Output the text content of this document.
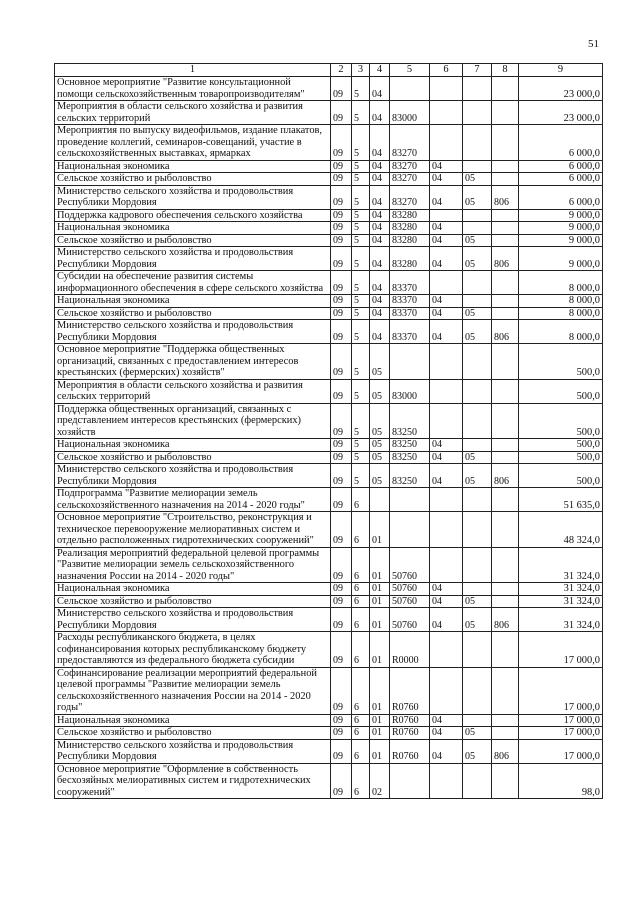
51
1	2	3	4	5	6	7	8	9
Основное мероприятие "Развитие консультационной помощи сельскохозяйственным товаропроизводителям"	09	5	04					23 000,0
Мероприятия в области сельского хозяйства и развития сельских территорий	09	5	04	83000				23 000,0
Мероприятия по выпуску видеофильмов, издание плакатов, проведение коллегий, семинаров-совещаний, участие в сельскохозяйственных выставках, ярмарках	09	5	04	83270				6 000,0
Национальная экономика	09	5	04	83270	04			6 000,0
Сельское хозяйство и рыболовство	09	5	04	83270	04	05		6 000,0
Министерство сельского хозяйства и продовольствия Республики Мордовия	09	5	04	83270	04	05	806	6 000,0
Поддержка кадрового обеспечения сельского хозяйства	09	5	04	83280				9 000,0
Национальная экономика	09	5	04	83280	04			9 000,0
Сельское хозяйство и рыболовство	09	5	04	83280	04	05		9 000,0
Министерство сельского хозяйства и продовольствия Республики Мордовия	09	5	04	83280	04	05	806	9 000,0
Субсидии на обеспечение развития системы информационного обеспечения в сфере сельского хозяйства	09	5	04	83370				8 000,0
Национальная экономика	09	5	04	83370	04			8 000,0
Сельское хозяйство и рыболовство	09	5	04	83370	04	05		8 000,0
Министерство сельского хозяйства и продовольствия Республики Мордовия	09	5	04	83370	04	05	806	8 000,0
Основное мероприятие "Поддержка общественных организаций, связанных с предоставлением интересов крестьянских (фермерских) хозяйств"	09	5	05					500,0
Мероприятия в области сельского хозяйства и развития сельских территорий	09	5	05	83000				500,0
Поддержка общественных организаций, связанных с представлением интересов крестьянских (фермерских) хозяйств	09	5	05	83250				500,0
Национальная экономика	09	5	05	83250	04			500,0
Сельское хозяйство и рыболовство	09	5	05	83250	04	05		500,0
Министерство сельского хозяйства и продовольствия Республики Мордовия	09	5	05	83250	04	05	806	500,0
Подпрограмма "Развитие мелиорации земель сельскохозяйственного назначения на 2014 - 2020 годы"	09	6						51 635,0
Основное мероприятие "Строительство, реконструкция и техническое перевооружение мелиоративных систем и отдельно расположенных гидротехнических сооружений"	09	6	01					48 324,0
Реализация мероприятий федеральной целевой программы "Развитие мелиорации земель сельскохозяйственного назначения России на 2014 - 2020 годы"	09	6	01	50760				31 324,0
Национальная экономика	09	6	01	50760	04			31 324,0
Сельское хозяйство и рыболовство	09	6	01	50760	04	05		31 324,0
Министерство сельского хозяйства и продовольствия Республики Мордовия	09	6	01	50760	04	05	806	31 324,0
Расходы республиканского бюджета, в целях софинансирования которых республиканскому бюджету предоставляются из федерального бюджета субсидии	09	6	01	R0000				17 000,0
Софинансирование реализации мероприятий федеральной целевой программы "Развитие мелиорации земель сельскохозяйственного назначения России на 2014 - 2020 годы"	09	6	01	R0760				17 000,0
Национальная экономика	09	6	01	R0760	04			17 000,0
Сельское хозяйство и рыболовство	09	6	01	R0760	04	05		17 000,0
Министерство сельского хозяйства и продовольствия Республики Мордовия	09	6	01	R0760	04	05	806	17 000,0
Основное мероприятие "Оформление в собственность бесхозяйных мелиоративных систем и гидротехнических сооружений"	09	6	02					98,0
